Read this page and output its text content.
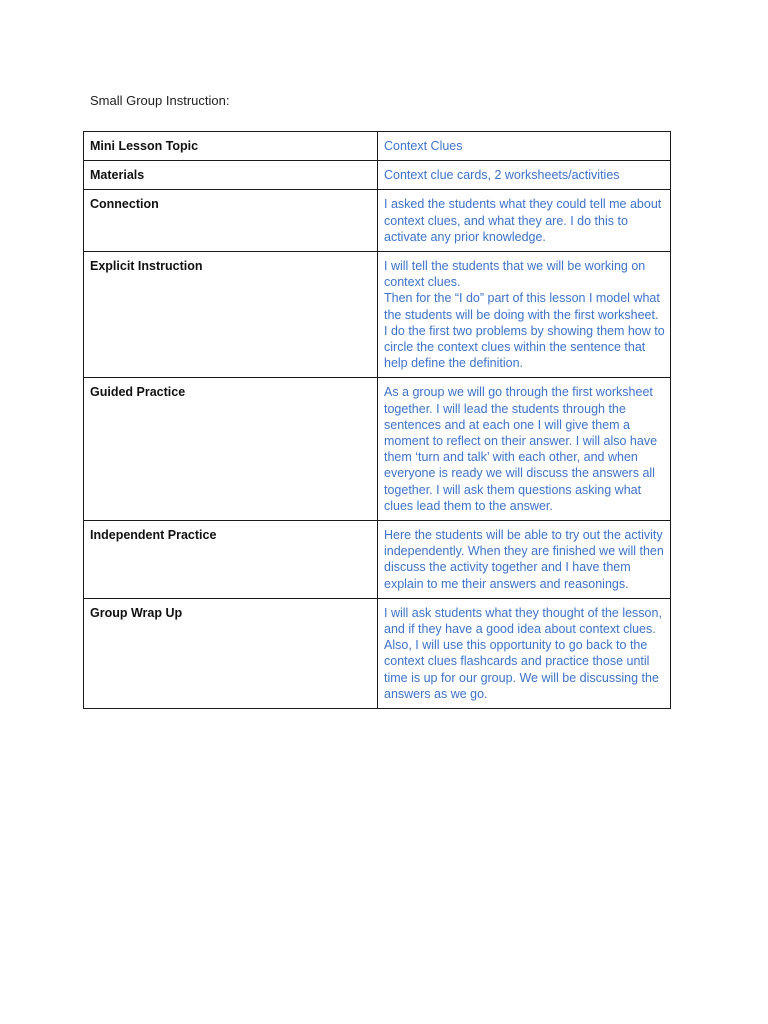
Small Group Instruction:
Mini Lesson Topic	Context Clues

Materials	Context clue cards, 2 worksheets/activities

Connection	I asked the students what they could tell me about context clues, and what they are. I do this to activate any prior knowledge.

Explicit Instruction	I will tell the students that we will be working on context clues.
Then for the “I do” part of this lesson I model what the students will be doing with the first worksheet. I do the first two problems by showing them how to circle the context clues within the sentence that help define the definition.

Guided Practice	As a group we will go through the first worksheet together. I will lead the students through the sentences and at each one I will give them a moment to reflect on their answer. I will also have them ‘turn and talk’ with each other, and when everyone is ready we will discuss the answers all together. I will ask them questions asking what clues lead them to the answer.

Independent Practice	Here the students will be able to try out the activity independently. When they are finished we will then discuss the activity together and I have them explain to me their answers and reasonings.

Group Wrap Up	I will ask students what they thought of the lesson, and if they have a good idea about context clues.
Also, I will use this opportunity to go back to the context clues flashcards and practice those until time is up for our group. We will be discussing the answers as we go.
